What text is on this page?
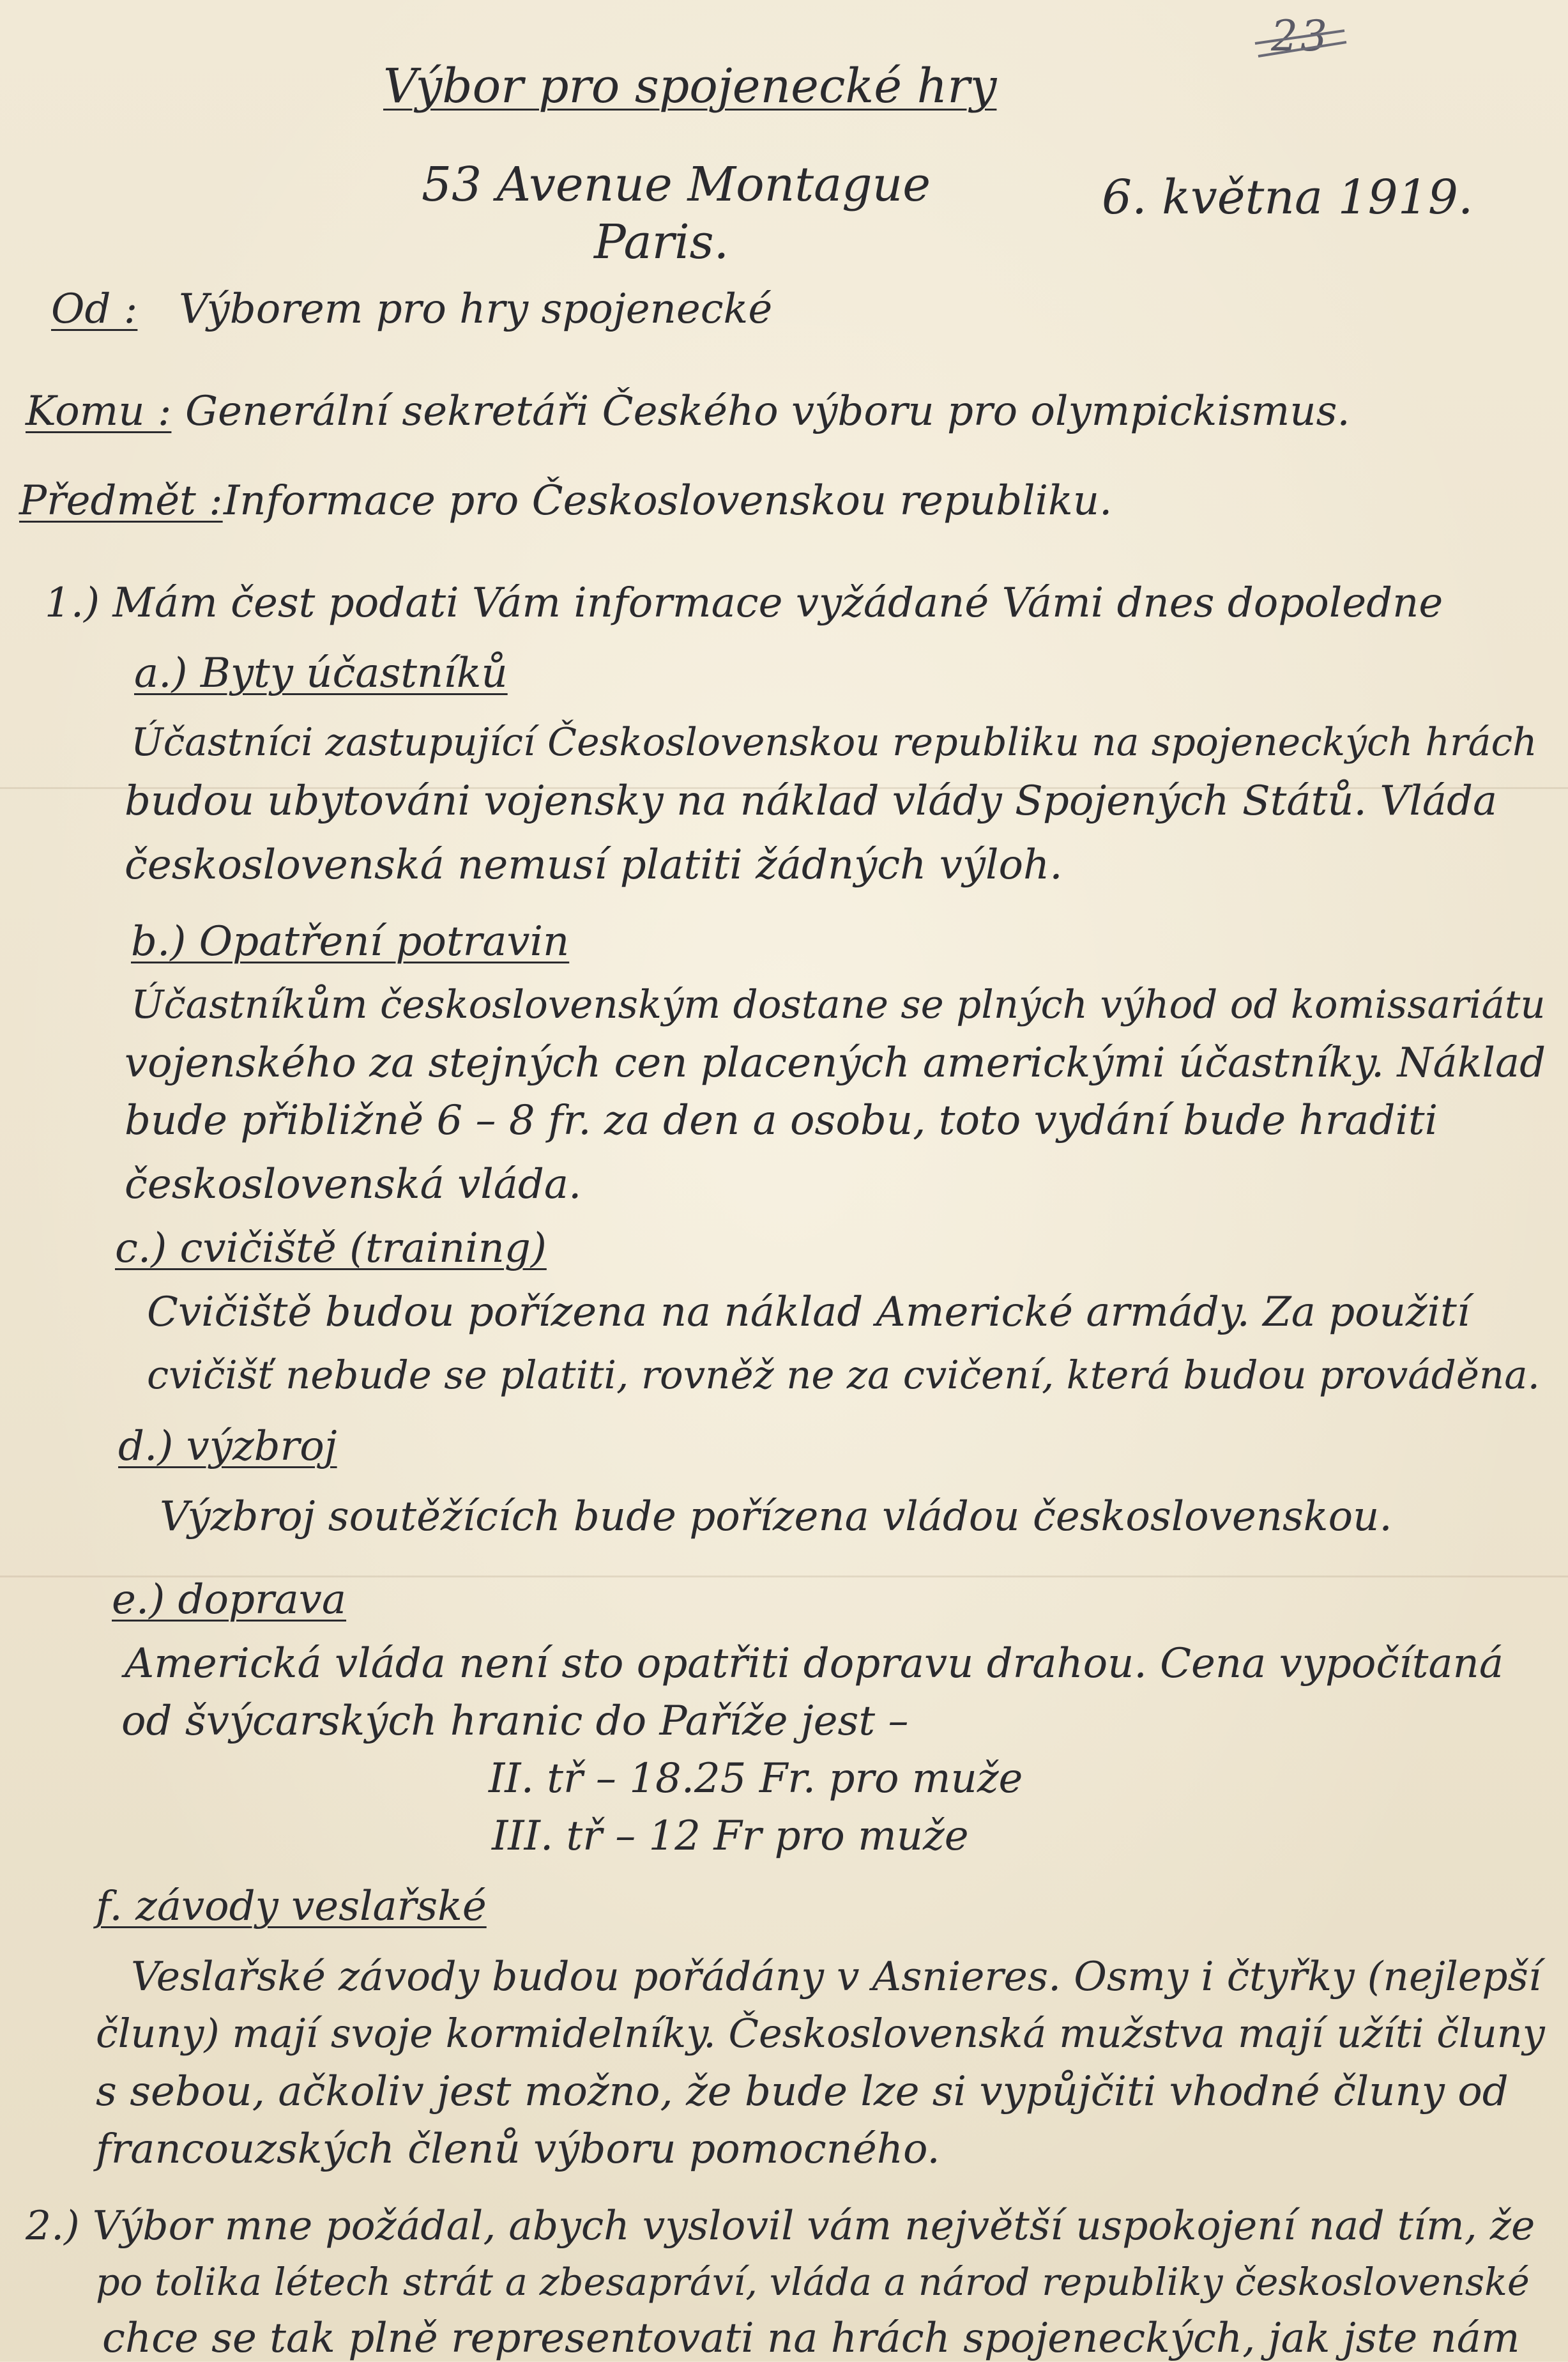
23
Výbor pro spojenecké hry
53 Avenue Montague	6. května 1919.
Paris.
Od : Výborem pro hry spojenecké
Komu : Generální sekretáři Českého výboru pro olympickismus.
Předmět : Informace pro Československou republiku.
1.) Mám čest podati Vám informace vyžádané Vámi dnes dopoledne
a.) Byty účastníků
Účastníci zastupující Československou republiku na spojeneckých hrách
budou ubytováni vojensky na náklad vlády Spojených Států. Vláda
československá nemusí platiti žádných výloh.
b.) Opatření potravin
Účastníkům československým dostane se plných výhod od komissariátu
vojenského za stejných cen placených americkými účastníky. Náklad
bude přibližně 6 – 8 fr. za den a osobu, toto vydání bude hraditi
československá vláda.
c.) cvičiště (training)
Cvičiště budou pořízena na náklad Americké armády. Za použití
cvičišť nebude se platiti, rovněž ne za cvičení, která budou prováděna.
d.) výzbroj
Výzbroj soutěžících bude pořízena vládou československou.
e.) doprava
Americká vláda není sto opatřiti dopravu drahou. Cena vypočítaná
od švýcarských hranic do Paříže jest –
II. tř – 18.25 Fr. pro muže
III. tř – 12 Fr pro muže
f. závody veslařské
Veslařské závody budou pořádány v Asnieres. Osmy i čtyřky (nejlepší
čluny) mají svoje kormidelníky. Československá mužstva mají užíti čluny
s sebou, ačkoliv jest možno, že bude lze si vypůjčiti vhodné čluny od
francouzských členů výboru pomocného.
2.) Výbor mne požádal, abych vyslovil vám největší uspokojení nad tím, že
po tolika létech strát a zbesapráví, vláda a národ republiky československé
chce se tak plně representovati na hrách spojeneckých, jak jste nám
